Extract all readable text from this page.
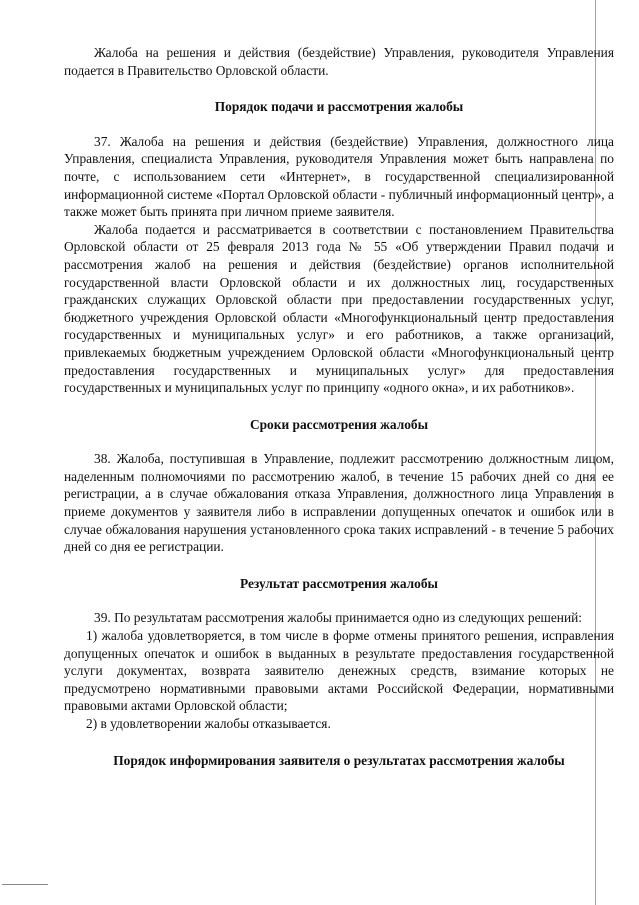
Жалоба на решения и действия (бездействие) Управления, руководителя Управления подается в Правительство Орловской области.

Порядок подачи и рассмотрения жалобы

37. Жалоба на решения и действия (бездействие) Управления, должностного лица Управления, специалиста Управления, руководителя Управления может быть направлена по почте, с использованием сети «Интернет», в государственной специализированной информационной системе «Портал Орловской области - публичный информационный центр», а также может быть принята при личном приеме заявителя.

Жалоба подается и рассматривается в соответствии с постановлением Правительства Орловской области от 25 февраля 2013 года № 55 «Об утверждении Правил подачи и рассмотрения жалоб на решения и действия (бездействие) органов исполнительной государственной власти Орловской области и их должностных лиц, государственных гражданских служащих Орловской области при предоставлении государственных услуг, бюджетного учреждения Орловской области «Многофункциональный центр предоставления государственных и муниципальных услуг» и его работников, а также организаций, привлекаемых бюджетным учреждением Орловской области «Многофункциональный центр предоставления государственных и муниципальных услуг» для предоставления государственных и муниципальных услуг по принципу «одного окна», и их работников».

Сроки рассмотрения жалобы

38. Жалоба, поступившая в Управление, подлежит рассмотрению должностным лицом, наделенным полномочиями по рассмотрению жалоб, в течение 15 рабочих дней со дня ее регистрации, а в случае обжалования отказа Управления, должностного лица Управления в приеме документов у заявителя либо в исправлении допущенных опечаток и ошибок или в случае обжалования нарушения установленного срока таких исправлений - в течение 5 рабочих дней со дня ее регистрации.

Результат рассмотрения жалобы

39. По результатам рассмотрения жалобы принимается одно из следующих решений:

1) жалоба удовлетворяется, в том числе в форме отмены принятого решения, исправления допущенных опечаток и ошибок в выданных в результате предоставления государственной услуги документах, возврата заявителю денежных средств, взимание которых не предусмотрено нормативными правовыми актами Российской Федерации, нормативными правовыми актами Орловской области;

2) в удовлетворении жалобы отказывается.

Порядок информирования заявителя о результатах рассмотрения жалобы
